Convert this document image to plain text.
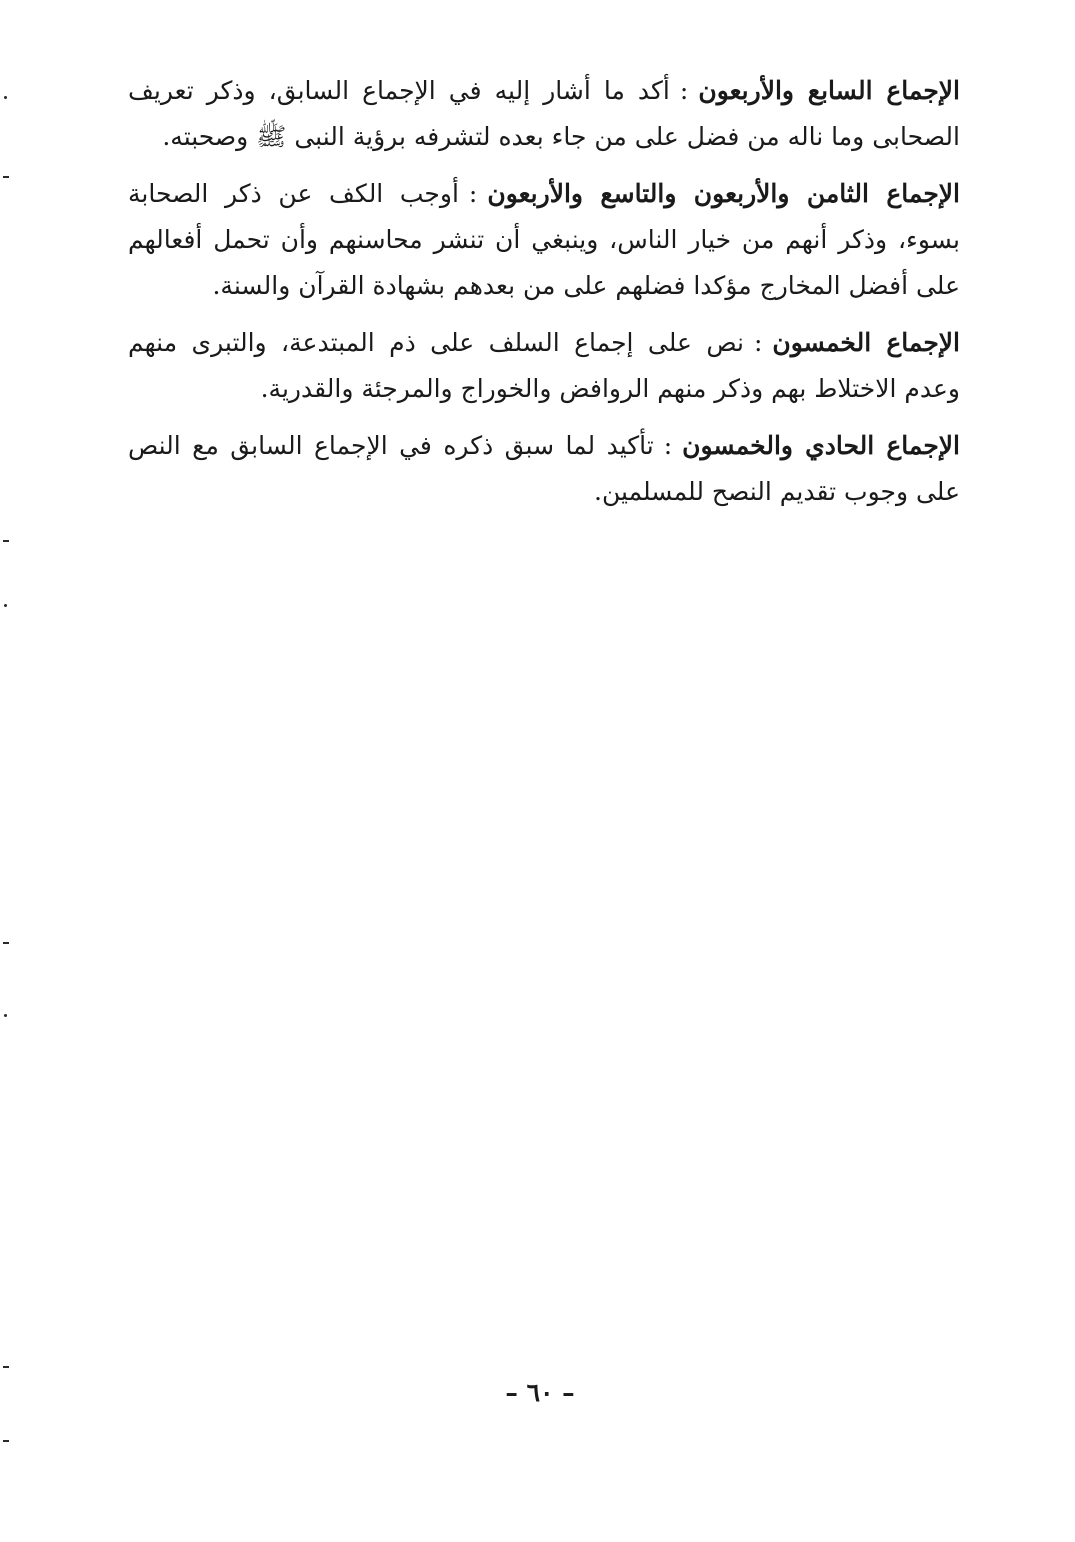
الإجماع السابع والأربعون:أكد ما أشار إليه في الإجماع السابق، وذكر تعريف الصحابى وما ناله من فضل على من جاء بعده لتشرفه برؤية النبى ﷺ وصحبته.

الإجماع الثامن والأربعون والتاسع والأربعون:أوجب الكف عن ذكر الصحابة بسوء، وذكر أنهم من خيار الناس، وينبغي أن تنشر محاسنهم وأن تحمل أفعالهم على أفضل المخارج مؤكدا فضلهم على من بعدهم بشهادة القرآن والسنة.

الإجماع الخمسون:نص على إجماع السلف على ذم المبتدعة، والتبرى منهم وعدم الاختلاط بهم وذكر منهم الروافض والخوراج والمرجئة والقدرية.

الإجماع الحادي والخمسون:تأكيد لما سبق ذكره في الإجماع السابق مع النص على وجوب تقديم النصح للمسلمين.

– ٦٠ –
